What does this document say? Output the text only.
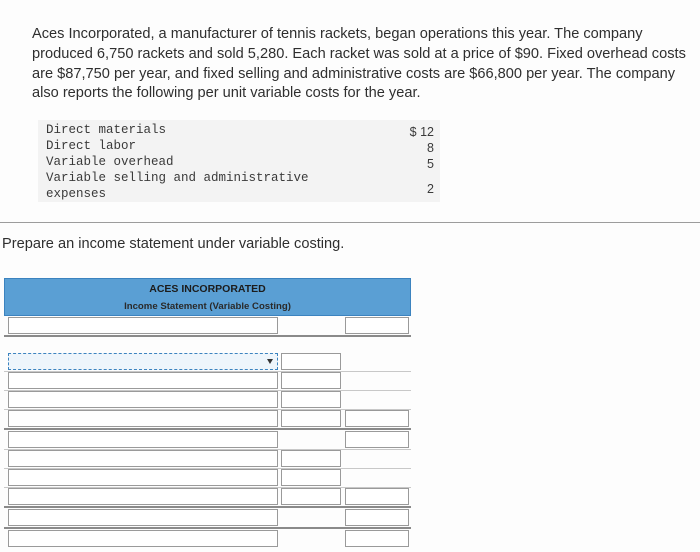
Aces Incorporated, a manufacturer of tennis rackets, began operations this year. The company produced 6,750 rackets and sold 5,280. Each racket was sold at a price of $90. Fixed overhead costs are $87,750 per year, and fixed selling and administrative costs are $66,800 per year. The company also reports the following per unit variable costs for the year.
Direct materials	$ 12
Direct labor	8
Variable overhead	5
Variable selling and administrative
expenses	2
Prepare an income statement under variable costing.
ACES INCORPORATED
Income Statement (Variable Costing)
